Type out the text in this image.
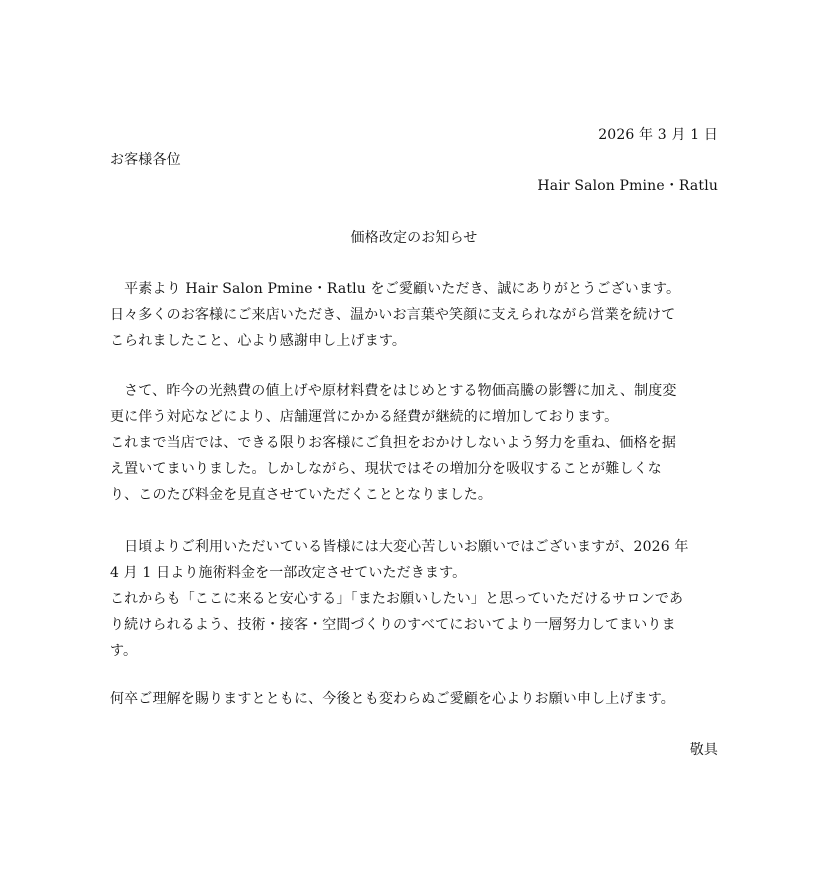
2026 年 3 月 1 日
お客様各位
Hair Salon Pmine・Ratlu
価格改定のお知らせ
　平素より Hair Salon Pmine・Ratlu をご愛顧いただき、誠にありがとうございます。
日々多くのお客様にご来店いただき、温かいお言葉や笑顔に支えられながら営業を続けて
こられましたこと、心より感謝申し上げます。
　さて、昨今の光熱費の値上げや原材料費をはじめとする物価高騰の影響に加え、制度変
更に伴う対応などにより、店舗運営にかかる経費が継続的に増加しております。
これまで当店では、できる限りお客様にご負担をおかけしないよう努力を重ね、価格を据
え置いてまいりました。しかしながら、現状ではその増加分を吸収することが難しくな
り、このたび料金を見直させていただくこととなりました。
　日頃よりご利用いただいている皆様には大変心苦しいお願いではございますが、2026 年
4 月 1 日より施術料金を一部改定させていただきます。
これからも「ここに来ると安心する」「またお願いしたい」と思っていただけるサロンであ
り続けられるよう、技術・接客・空間づくりのすべてにおいてより一層努力してまいりま
す。
何卒ご理解を賜りますとともに、今後とも変わらぬご愛顧を心よりお願い申し上げます。
敬具
